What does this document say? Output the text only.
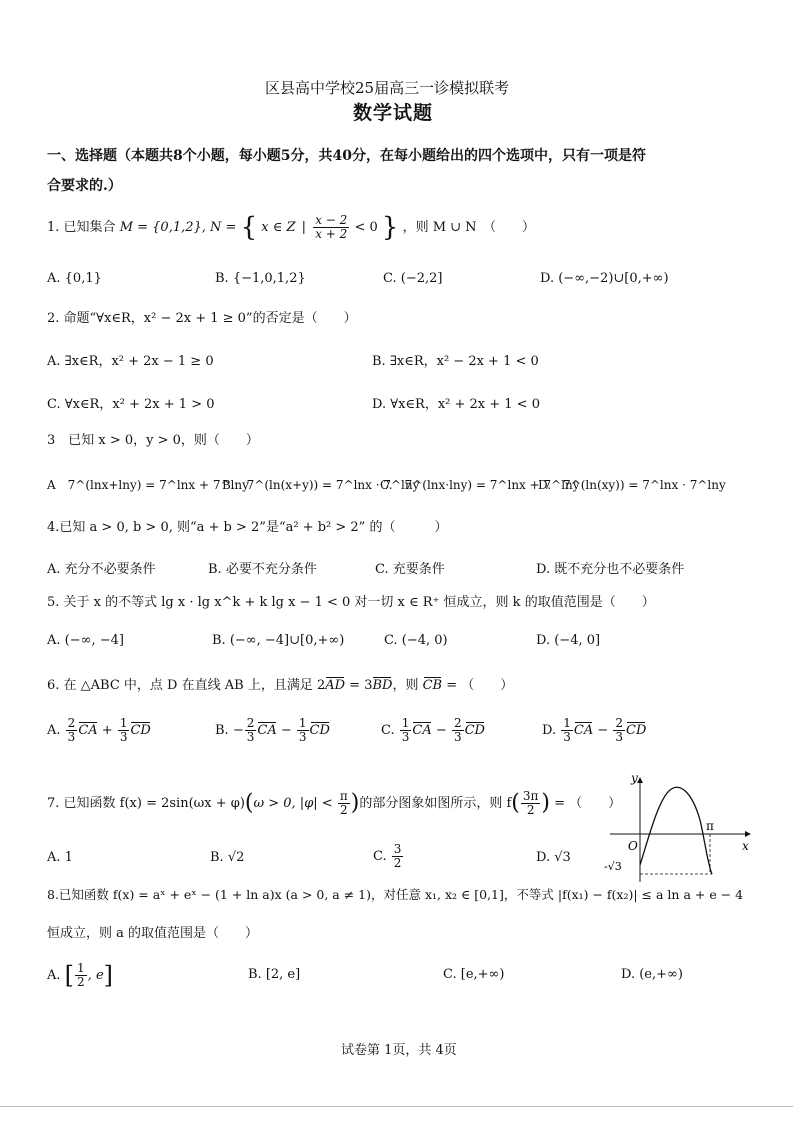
区县高中学校25届高三一诊模拟联考
数学试题
一、选择题（本题共8个小题，每小题5分，共40分，在每小题给出的四个选项中，只有一项是符
合要求的.）
1. 已知集合 M = {0,1,2}, N = { x ∈ Z | $\frac{x - 2}{x + 2} < 0$ } ，则 M ∪ N　（　　）
A. {0,1}	B. {−1,0,1,2}	C. (−2,2]	D. (−∞,−2)∪[0,+∞)
2. 命题“∀x∈R，x² − 2x + 1 ≥ 0”的否定是（　　）
A. ∃x∈R，x² + 2x − 1 ≥ 0	B. ∃x∈R，x² − 2x + 1 < 0
C. ∀x∈R，x² + 2x + 1 > 0	D. ∀x∈R，x² + 2x + 1 < 0
3　已知 x > 0，y > 0，则（　　）
A　7^(lnx+lny) = 7^lnx + 7^lny
B.　7^(ln(x+y)) = 7^lnx · 7^lny
C.　7^(lnx·lny) = 7^lnx + 7^lny
D.　7^(ln(xy)) = 7^lnx · 7^lny
4.已知 a > 0, b > 0, 则“a + b > 2”是“a² + b² > 2” 的（　　　）
A. 充分不必要条件	B. 必要不充分条件	C. 充要条件	D. 既不充分也不必要条件
5. 关于 x 的不等式 lg x · lg x^k + k lg x − 1 < 0 对一切 x ∈ R⁺ 恒成立，则 k 的取值范围是（　　）
A. (−∞, −4]	B. (−∞, −4]∪[0,+∞)	C. (−4, 0)	D. (−4, 0]
6. 在 △ABC 中，点 D 在直线 AB 上，且满足 2AD = 3BD，则 CB = （　　）
A. $\frac{2}{3}$ CA + $\frac{1}{3}$ CD	B. − $\frac{2}{3}$ CA − $\frac{1}{3}$ CD	C. $\frac{1}{3}$ CA − $\frac{2}{3}$ CD	D. $\frac{1}{3}$ CA − $\frac{2}{3}$ CD
7. 已知函数 f(x) = 2sin(ωx + φ)(ω > 0, $|\varphi| < \frac{\pi}{2}$ )的部分图象如图所示，则 $f( \frac{3\pi}{2}$ ) = （　　）
A. 1	B. √2	C. $\frac{3}{2}$	D. √3
y
x
O
π
-√3
8.已知函数 f(x) = aˣ + eˣ − (1 + ln a)x (a > 0, a ≠ 1)，对任意 x₁, x₂ ∈ [0,1]，不等式 |f(x₁) − f(x₂)| ≤ a ln a + e − 4
恒成立，则 a 的取值范围是（　　）
A. [ $\frac{1}{2}$ , e]	B. [2, e]	C. [e,+∞)	D. (e,+∞)
试卷第 1页，共 4页
